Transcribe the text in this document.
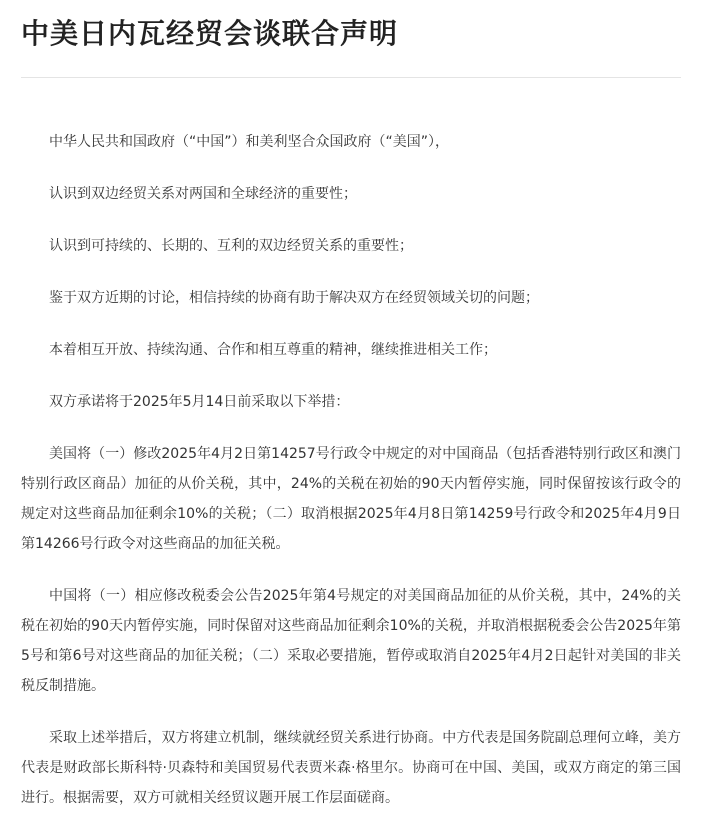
中美日内瓦经贸会谈联合声明

中华人民共和国政府（“中国”）和美利坚合众国政府（“美国”），

认识到双边经贸关系对两国和全球经济的重要性；

认识到可持续的、长期的、互利的双边经贸关系的重要性；

鉴于双方近期的讨论，相信持续的协商有助于解决双方在经贸领域关切的问题；

本着相互开放、持续沟通、合作和相互尊重的精神，继续推进相关工作；

双方承诺将于2025年5月14日前采取以下举措：

美国将（一）修改2025年4月2日第14257号行政令中规定的对中国商品（包括香港特别行政区和澳门特别行政区商品）加征的从价关税，其中，24%的关税在初始的90天内暂停实施，同时保留按该行政令的规定对这些商品加征剩余10%的关税；（二）取消根据2025年4月8日第14259号行政令和2025年4月9日第14266号行政令对这些商品的加征关税。

中国将（一）相应修改税委会公告2025年第4号规定的对美国商品加征的从价关税，其中，24%的关税在初始的90天内暂停实施，同时保留对这些商品加征剩余10%的关税，并取消根据税委会公告2025年第5号和第6号对这些商品的加征关税；（二）采取必要措施，暂停或取消自2025年4月2日起针对美国的非关税反制措施。

采取上述举措后，双方将建立机制，继续就经贸关系进行协商。中方代表是国务院副总理何立峰，美方代表是财政部长斯科特·贝森特和美国贸易代表贾米森·格里尔。协商可在中国、美国，或双方商定的第三国进行。根据需要，双方可就相关经贸议题开展工作层面磋商。
